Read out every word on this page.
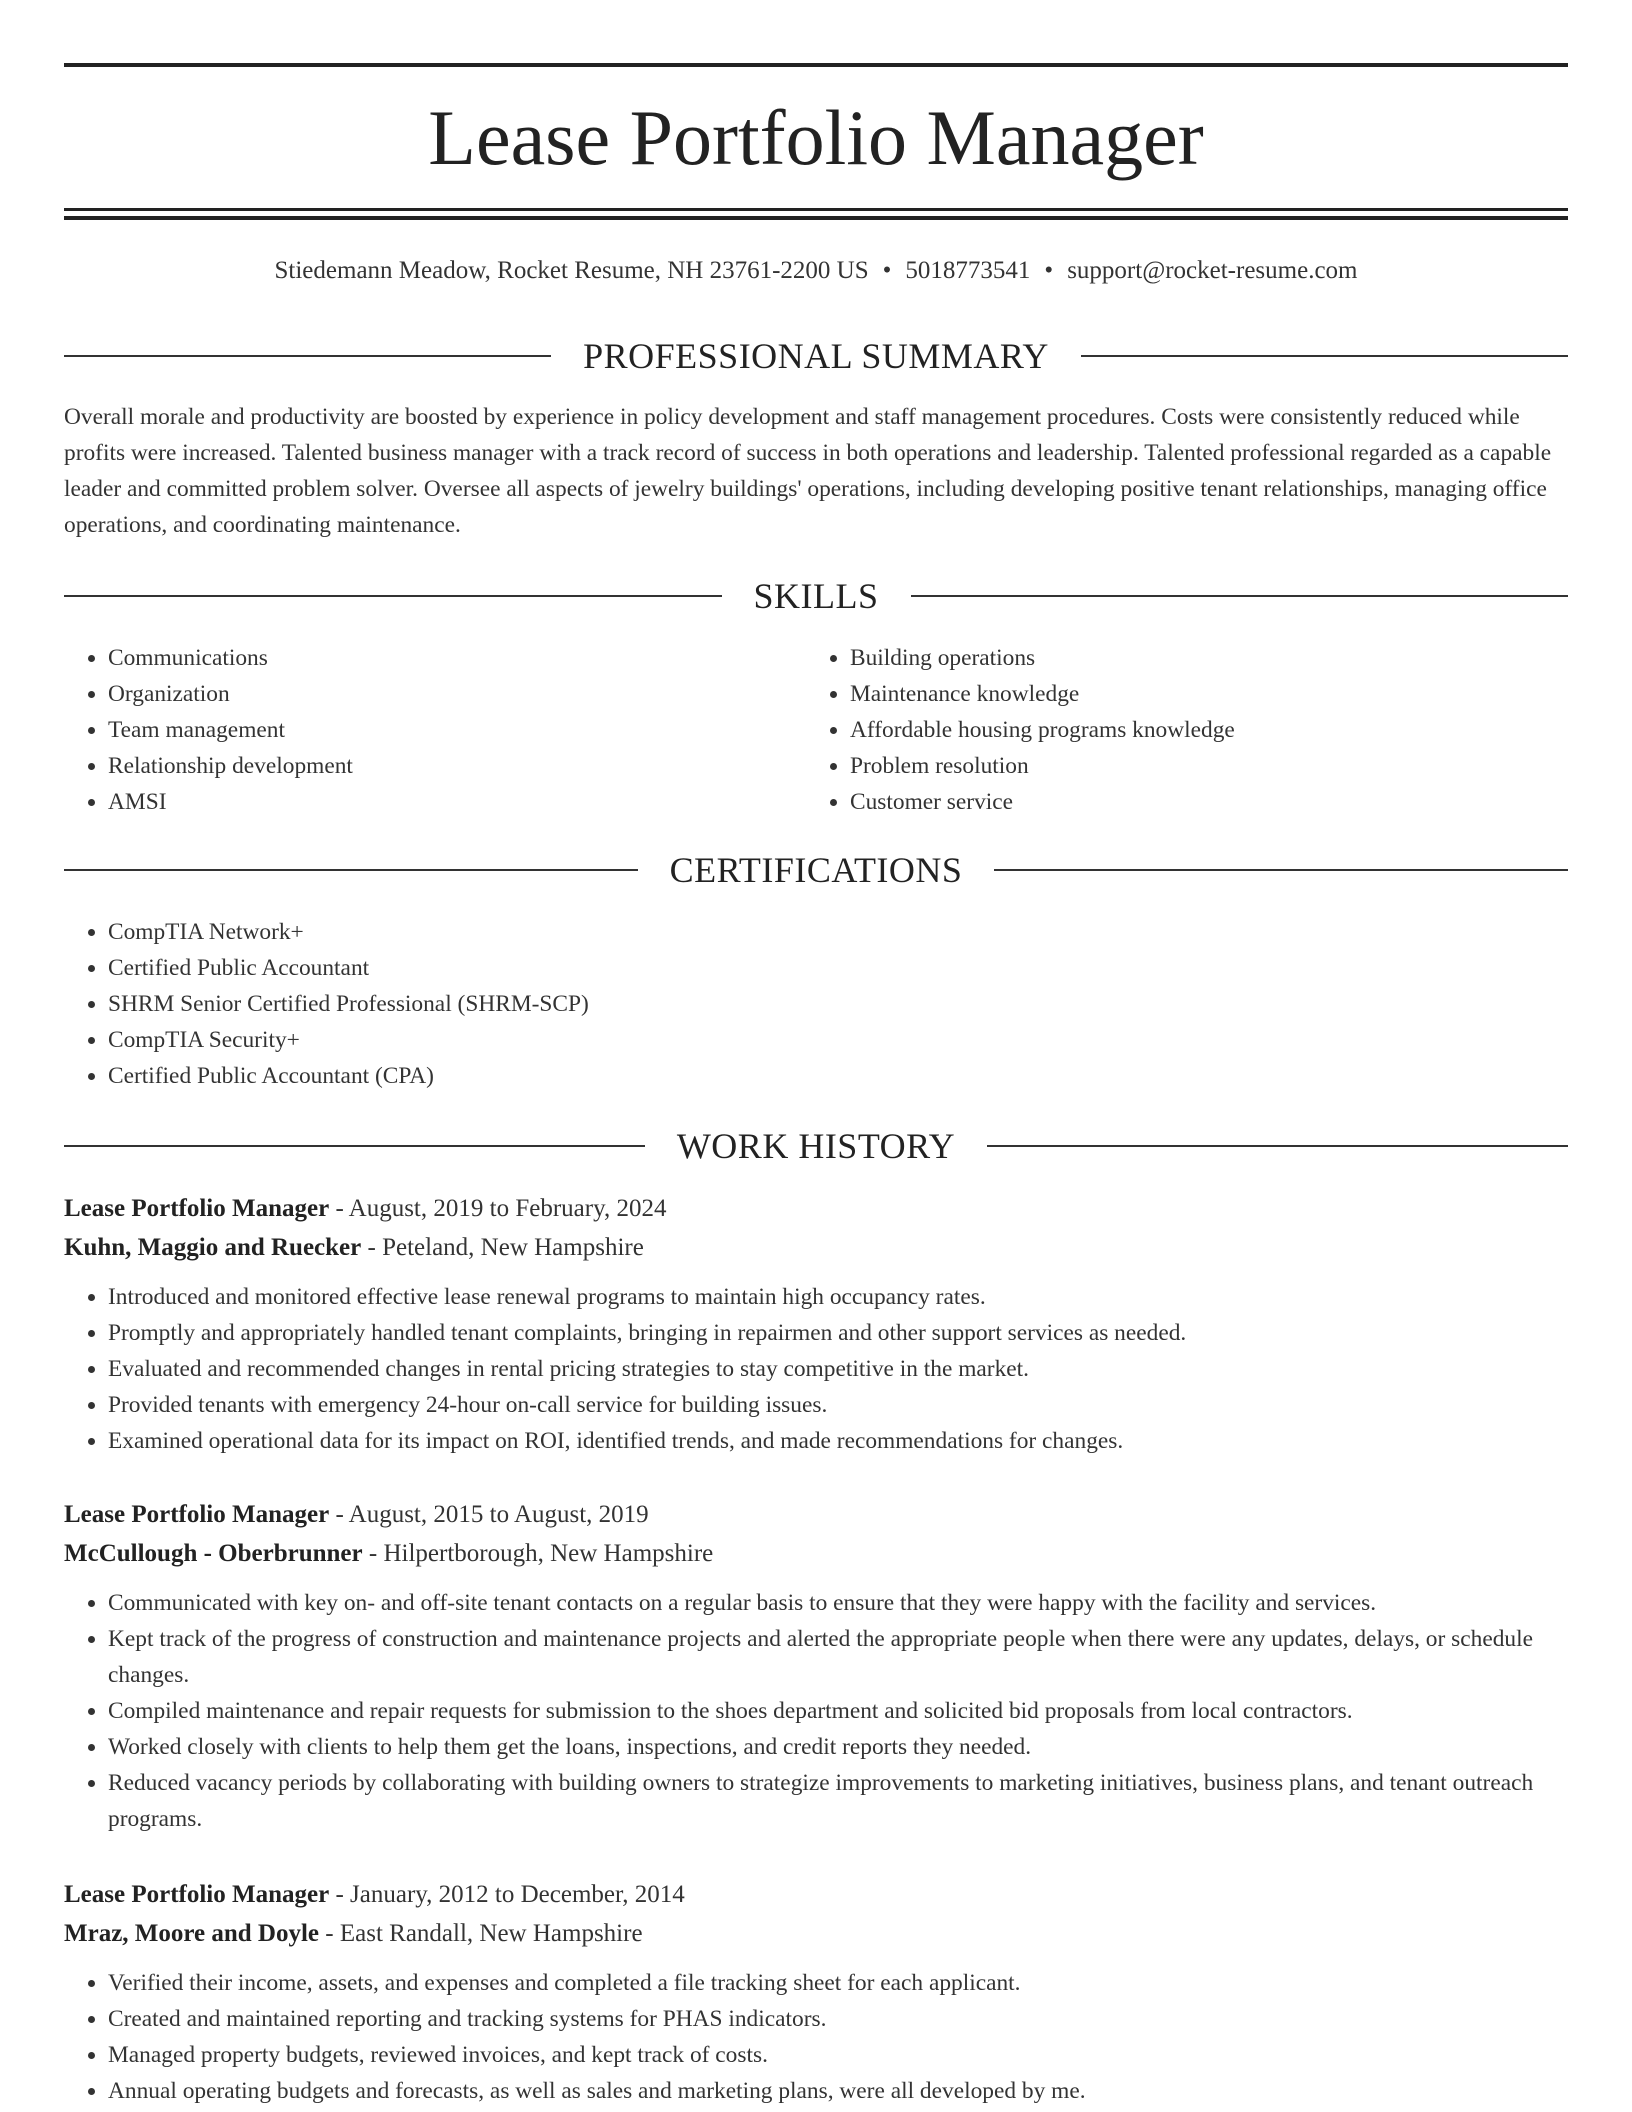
Lease Portfolio Manager
Stiedemann Meadow, Rocket Resume, NH 23761-2200 US • 5018773541 • support@rocket-resume.com
PROFESSIONAL SUMMARY

Overall morale and productivity are boosted by experience in policy development and staff management procedures. Costs were consistently reduced while profits were increased. Talented business manager with a track record of success in both operations and leadership. Talented professional regarded as a capable leader and committed problem solver. Oversee all aspects of jewelry buildings' operations, including developing positive tenant relationships, managing office operations, and coordinating maintenance.

SKILLS
• Communications
• Organization
• Team management
• Relationship development
• AMSI
• Building operations
• Maintenance knowledge
• Affordable housing programs knowledge
• Problem resolution
• Customer service
CERTIFICATIONS
• CompTIA Network+
• Certified Public Accountant
• SHRM Senior Certified Professional (SHRM-SCP)
• CompTIA Security+
• Certified Public Accountant (CPA)
WORK HISTORY
Lease Portfolio Manager - August, 2019 to February, 2024
Kuhn, Maggio and Ruecker - Peteland, New Hampshire
• Introduced and monitored effective lease renewal programs to maintain high occupancy rates.
• Promptly and appropriately handled tenant complaints, bringing in repairmen and other support services as needed.
• Evaluated and recommended changes in rental pricing strategies to stay competitive in the market.
• Provided tenants with emergency 24-hour on-call service for building issues.
• Examined operational data for its impact on ROI, identified trends, and made recommendations for changes.
Lease Portfolio Manager - August, 2015 to August, 2019
McCullough - Oberbrunner - Hilpertborough, New Hampshire
• Communicated with key on- and off-site tenant contacts on a regular basis to ensure that they were happy with the facility and services.
• Kept track of the progress of construction and maintenance projects and alerted the appropriate people when there were any updates, delays, or schedule changes.
• Compiled maintenance and repair requests for submission to the shoes department and solicited bid proposals from local contractors.
• Worked closely with clients to help them get the loans, inspections, and credit reports they needed.
• Reduced vacancy periods by collaborating with building owners to strategize improvements to marketing initiatives, business plans, and tenant outreach programs.
Lease Portfolio Manager - January, 2012 to December, 2014
Mraz, Moore and Doyle - East Randall, New Hampshire
• Verified their income, assets, and expenses and completed a file tracking sheet for each applicant.
• Created and maintained reporting and tracking systems for PHAS indicators.
• Managed property budgets, reviewed invoices, and kept track of costs.
• Annual operating budgets and forecasts, as well as sales and marketing plans, were all developed by me.
